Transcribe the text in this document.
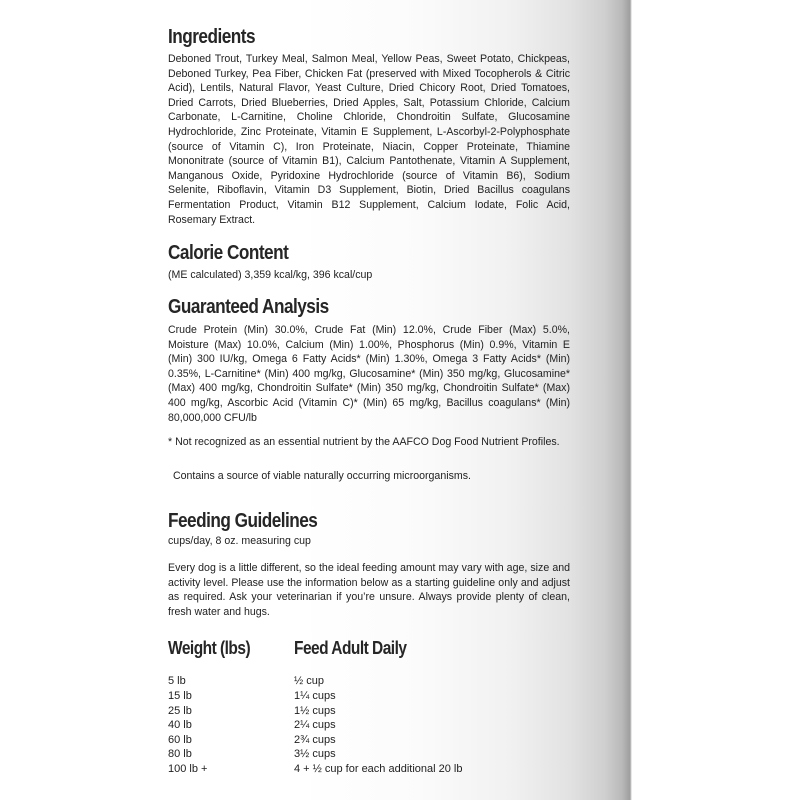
Ingredients

Deboned Trout, Turkey Meal, Salmon Meal, Yellow Peas, Sweet Potato, Chickpeas, Deboned Turkey, Pea Fiber, Chicken Fat (preserved with Mixed Tocopherols & Citric Acid), Lentils, Natural Flavor, Yeast Culture, Dried Chicory Root, Dried Tomatoes, Dried Carrots, Dried Blueberries, Dried Apples, Salt, Potassium Chloride, Calcium Carbonate, L-Carnitine, Choline Chloride, Chondroitin Sulfate, Glucosamine Hydrochloride, Zinc Proteinate, Vitamin E Supplement, L-Ascorbyl-2-Polyphosphate (source of Vitamin C), Iron Proteinate, Niacin, Copper Proteinate, Thiamine Mononitrate (source of Vitamin B1), Calcium Pantothenate, Vitamin A Supplement, Manganous Oxide, Pyridoxine Hydrochloride (source of Vitamin B6), Sodium Selenite, Riboflavin, Vitamin D3 Supplement, Biotin, Dried Bacillus coagulans Fermentation Product, Vitamin B12 Supplement, Calcium Iodate, Folic Acid, Rosemary Extract.

Calorie Content

(ME calculated) 3,359 kcal/kg, 396 kcal/cup

Guaranteed Analysis

Crude Protein (Min) 30.0%, Crude Fat (Min) 12.0%, Crude Fiber (Max) 5.0%, Moisture (Max) 10.0%, Calcium (Min) 1.00%, Phosphorus (Min) 0.9%, Vitamin E (Min) 300 IU/kg, Omega 6 Fatty Acids* (Min) 1.30%, Omega 3 Fatty Acids* (Min) 0.35%, L-Carnitine* (Min) 400 mg/kg, Glucosamine* (Min) 350 mg/kg, Glucosamine* (Max) 400 mg/kg, Chondroitin Sulfate* (Min) 350 mg/kg, Chondroitin Sulfate* (Max) 400 mg/kg, Ascorbic Acid (Vitamin C)* (Min) 65 mg/kg, Bacillus coagulans* (Min) 80,000,000 CFU/lb

* Not recognized as an essential nutrient by the AAFCO Dog Food Nutrient Profiles.

Contains a source of viable naturally occurring microorganisms.

Feeding Guidelines

cups/day, 8 oz. measuring cup

Every dog is a little different, so the ideal feeding amount may vary with age, size and activity level. Please use the information below as a starting guideline only and adjust as required. Ask your veterinarian if you’re unsure. Always provide plenty of clean, fresh water and hugs.

Weight (lbs) Feed Adult Daily
5 lb	½ cup
15 lb	1¼ cups
25 lb	1½ cups
40 lb	2¼ cups
60 lb	2¾ cups
80 lb	3½ cups
100 lb +	4 + ½ cup for each additional 20 lb
